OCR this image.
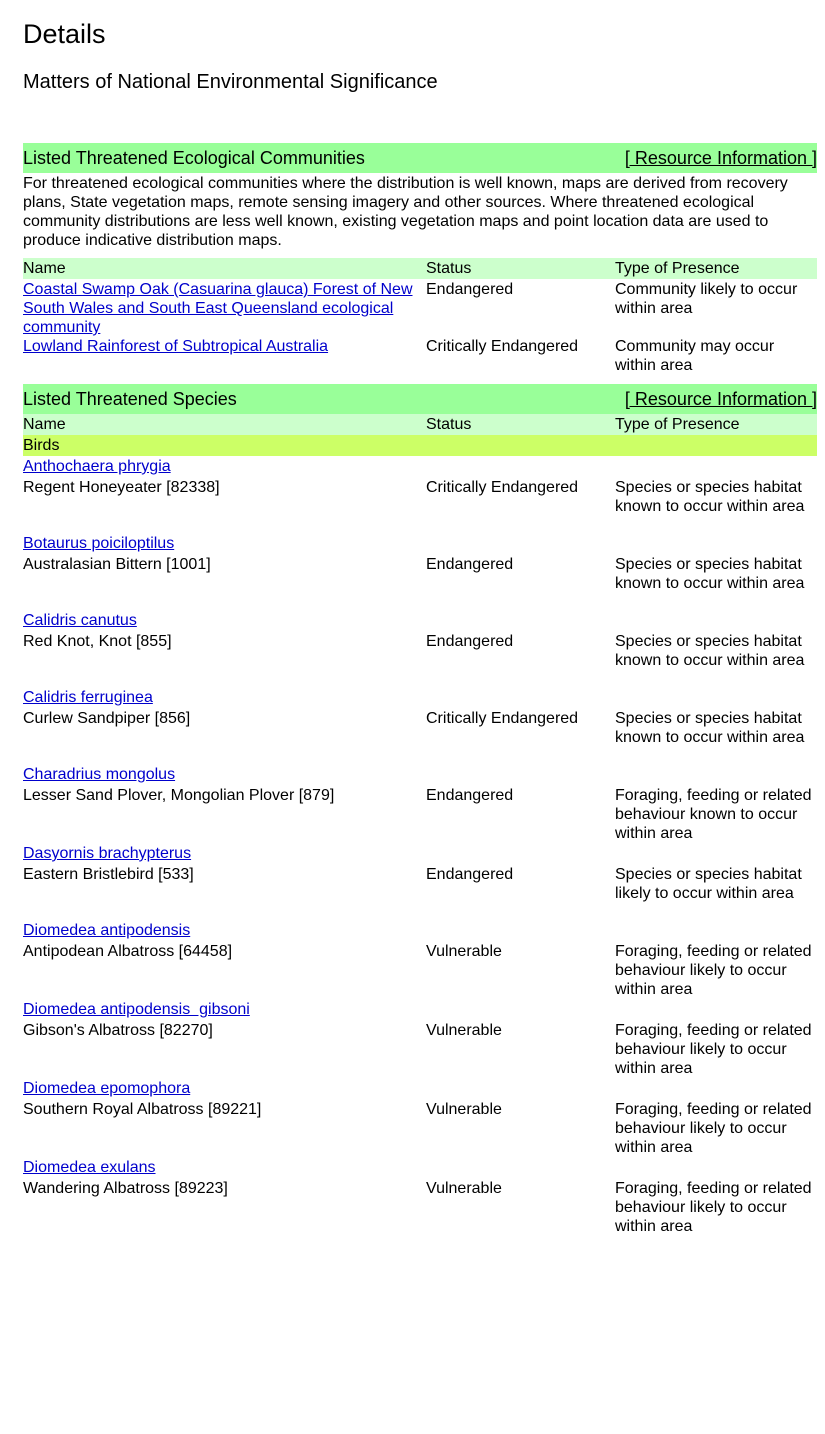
Details
Matters of National Environmental Significance
Listed Threatened Ecological Communities	[ Resource Information ]
For threatened ecological communities where the distribution is well known, maps are derived from recovery plans, State vegetation maps, remote sensing imagery and other sources. Where threatened ecological community distributions are less well known, existing vegetation maps and point location data are used to produce indicative distribution maps.
Name	Status	Type of Presence
Coastal Swamp Oak (Casuarina glauca) Forest of New South Wales and South East Queensland ecological community	Endangered	Community likely to occur within area
Lowland Rainforest of Subtropical Australia	Critically Endangered	Community may occur within area
Listed Threatened Species	[ Resource Information ]
Name	Status	Type of Presence
Birds		
Anthochaera phrygia		
Regent Honeyeater [82338]	Critically Endangered	Species or species habitat known to occur within area
Botaurus poiciloptilus		
Australasian Bittern [1001]	Endangered	Species or species habitat known to occur within area
Calidris canutus		
Red Knot, Knot [855]	Endangered	Species or species habitat known to occur within area
Calidris ferruginea		
Curlew Sandpiper [856]	Critically Endangered	Species or species habitat known to occur within area
Charadrius mongolus		
Lesser Sand Plover, Mongolian Plover [879]	Endangered	Foraging, feeding or related behaviour known to occur within area
Dasyornis brachypterus		
Eastern Bristlebird [533]	Endangered	Species or species habitat likely to occur within area
Diomedea antipodensis		
Antipodean Albatross [64458]	Vulnerable	Foraging, feeding or related behaviour likely to occur within area
Diomedea antipodensis  gibsoni		
Gibson's Albatross [82270]	Vulnerable	Foraging, feeding or related behaviour likely to occur within area
Diomedea epomophora		
Southern Royal Albatross [89221]	Vulnerable	Foraging, feeding or related behaviour likely to occur within area
Diomedea exulans		
Wandering Albatross [89223]	Vulnerable	Foraging, feeding or related behaviour likely to occur within area
